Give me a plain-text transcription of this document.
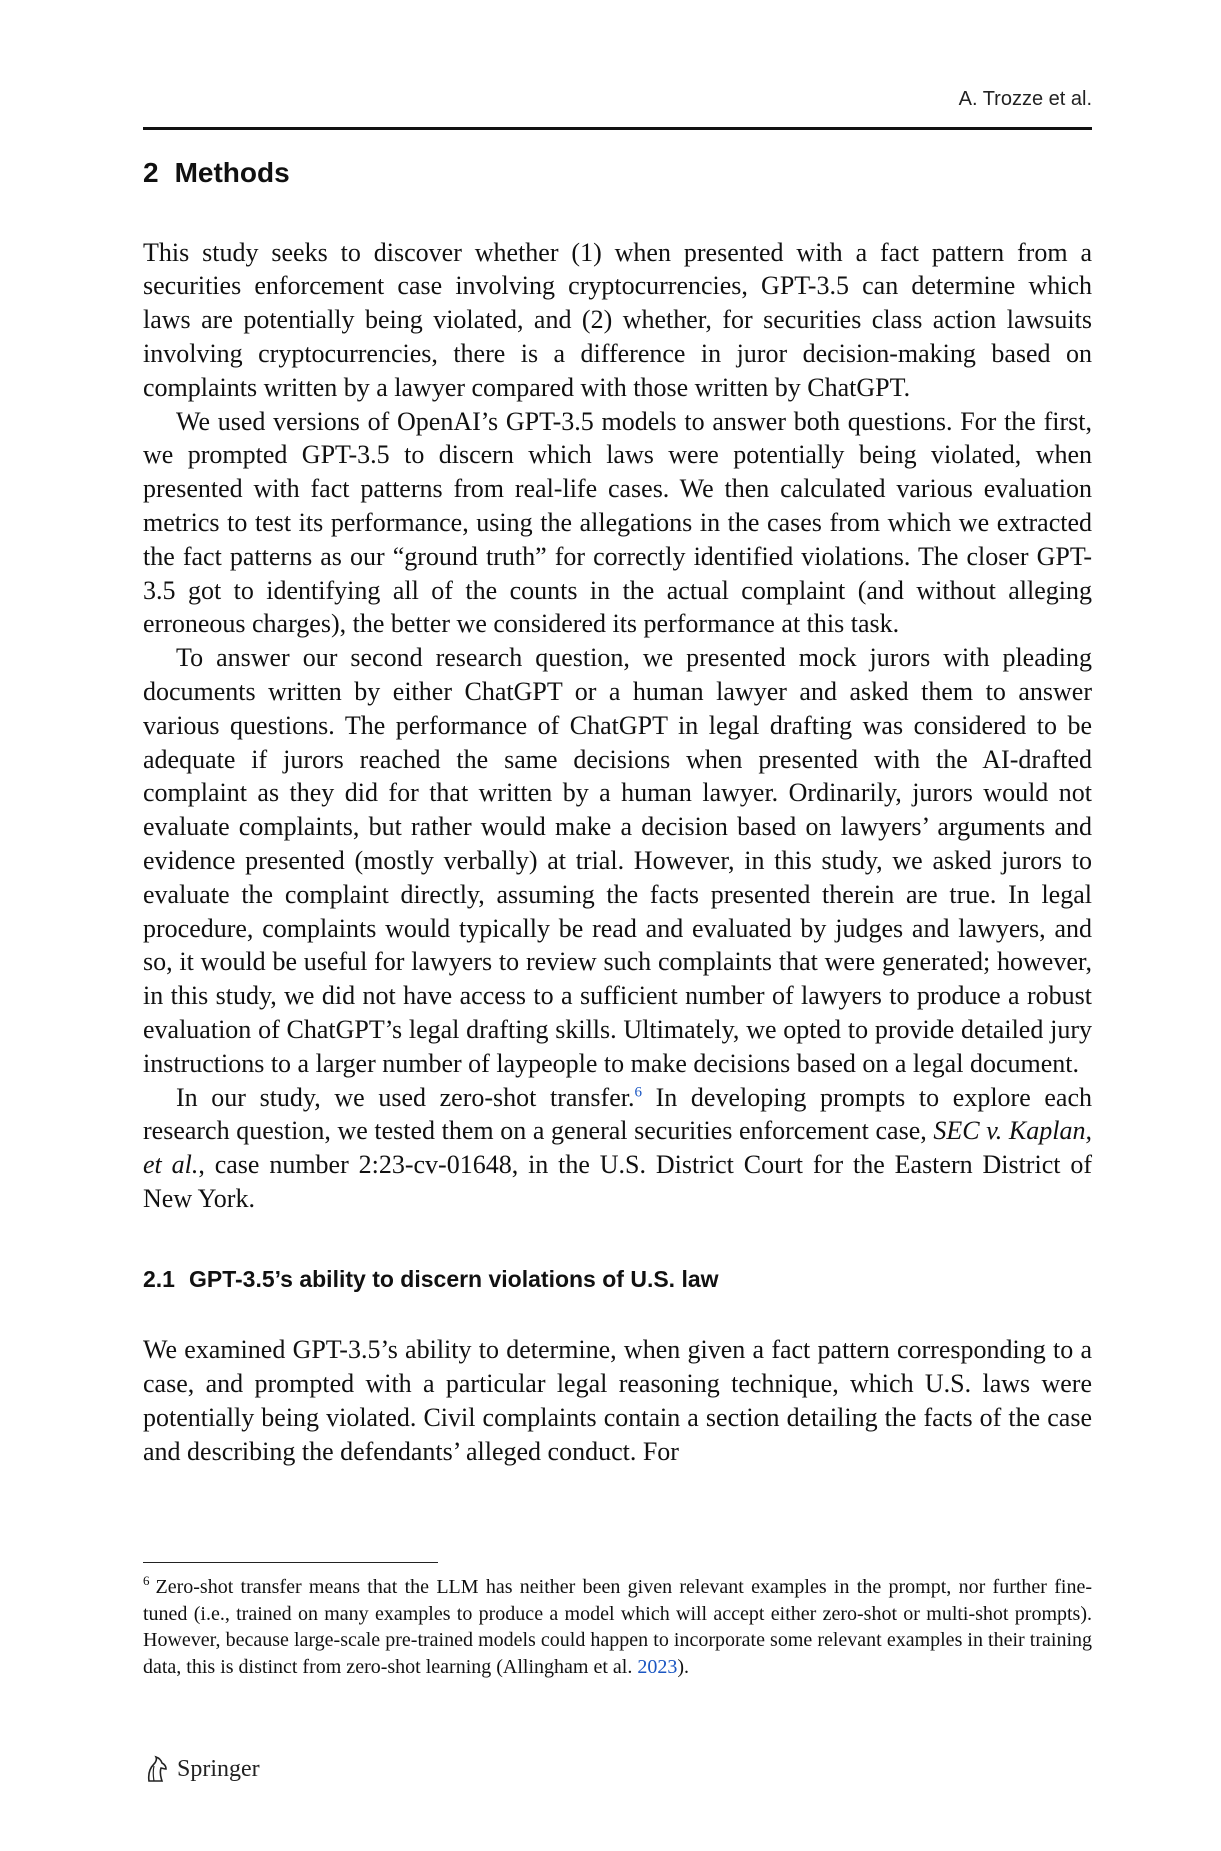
A. Trozze et al.
2 Methods

This study seeks to discover whether (1) when presented with a fact pattern from a securities enforcement case involving cryptocurrencies, GPT-3.5 can determine which laws are potentially being violated, and (2) whether, for securities class action lawsuits involving cryptocurrencies, there is a difference in juror decision-making based on complaints written by a lawyer compared with those written by ChatGPT.

We used versions of OpenAI’s GPT-3.5 models to answer both questions. For the first, we prompted GPT-3.5 to discern which laws were potentially being violated, when presented with fact patterns from real-life cases. We then calculated various evaluation metrics to test its performance, using the allegations in the cases from which we extracted the fact patterns as our “ground truth” for correctly identified violations. The closer GPT-3.5 got to identifying all of the counts in the actual complaint (and without alleging erroneous charges), the better we considered its performance at this task.

To answer our second research question, we presented mock jurors with pleading documents written by either ChatGPT or a human lawyer and asked them to answer various questions. The performance of ChatGPT in legal drafting was considered to be adequate if jurors reached the same decisions when presented with the AI-drafted complaint as they did for that written by a human lawyer. Ordinarily, jurors would not evaluate complaints, but rather would make a decision based on lawyers’ arguments and evidence presented (mostly verbally) at trial. However, in this study, we asked jurors to evaluate the complaint directly, assuming the facts presented therein are true. In legal procedure, complaints would typically be read and evaluated by judges and lawyers, and so, it would be useful for lawyers to review such complaints that were generated; however, in this study, we did not have access to a sufficient number of lawyers to produce a robust evaluation of ChatGPT’s legal drafting skills. Ultimately, we opted to provide detailed jury instructions to a larger number of laypeople to make decisions based on a legal document.

In our study, we used zero-shot transfer.$^6$ In developing prompts to explore each research question, we tested them on a general securities enforcement case, SEC v. Kaplan, et al., case number 2:23-cv-01648, in the U.S. District Court for the Eastern District of New York.

2.1 GPT-3.5’s ability to discern violations of U.S. law

We examined GPT-3.5’s ability to determine, when given a fact pattern corresponding to a case, and prompted with a particular legal reasoning technique, which U.S. laws were potentially being violated. Civil complaints contain a section detailing the facts of the case and describing the defendants’ alleged conduct. For

$^6$ Zero-shot transfer means that the LLM has neither been given relevant examples in the prompt, nor further fine-tuned (i.e., trained on many examples to produce a model which will accept either zero-shot or multi-shot prompts). However, because large-scale pre-trained models could happen to incorporate some relevant examples in their training data, this is distinct from zero-shot learning (Allingham et al. 2023).

Springer
